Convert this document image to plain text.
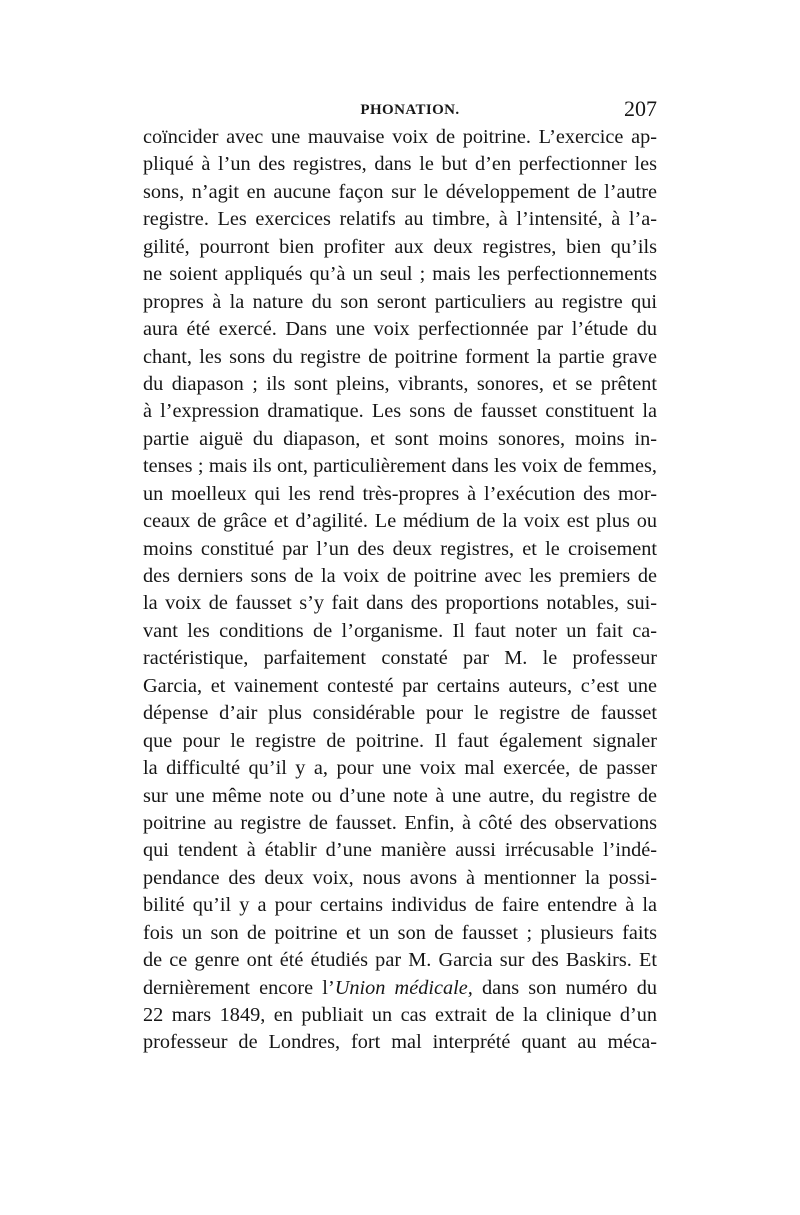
PHONATION.	207
coïncider avec une mauvaise voix de poitrine. L’exercice ap-
pliqué à l’un des registres, dans le but d’en perfectionner les
sons, n’agit en aucune façon sur le développement de l’autre
registre. Les exercices relatifs au timbre, à l’intensité, à l’a-
gilité, pourront bien profiter aux deux registres, bien qu’ils
ne soient appliqués qu’à un seul ; mais les perfectionnements
propres à la nature du son seront particuliers au registre qui
aura été exercé. Dans une voix perfectionnée par l’étude du
chant, les sons du registre de poitrine forment la partie grave
du diapason ; ils sont pleins, vibrants, sonores, et se prêtent
à l’expression dramatique. Les sons de fausset constituent la
partie aiguë du diapason, et sont moins sonores, moins in-
tenses ; mais ils ont, particulièrement dans les voix de femmes,
un moelleux qui les rend très-propres à l’exécution des mor-
ceaux de grâce et d’agilité. Le médium de la voix est plus ou
moins constitué par l’un des deux registres, et le croisement
des derniers sons de la voix de poitrine avec les premiers de
la voix de fausset s’y fait dans des proportions notables, sui-
vant les conditions de l’organisme. Il faut noter un fait ca-
ractéristique, parfaitement constaté par M. le professeur
Garcia, et vainement contesté par certains auteurs, c’est une
dépense d’air plus considérable pour le registre de fausset
que pour le registre de poitrine. Il faut également signaler
la difficulté qu’il y a, pour une voix mal exercée, de passer
sur une même note ou d’une note à une autre, du registre de
poitrine au registre de fausset. Enfin, à côté des observations
qui tendent à établir d’une manière aussi irrécusable l’indé-
pendance des deux voix, nous avons à mentionner la possi-
bilité qu’il y a pour certains individus de faire entendre à la
fois un son de poitrine et un son de fausset ; plusieurs faits
de ce genre ont été étudiés par M. Garcia sur des Baskirs. Et
dernièrement encore l’Union médicale, dans son numéro du
22 mars 1849, en publiait un cas extrait de la clinique d’un
professeur de Londres, fort mal interprété quant au méca-
